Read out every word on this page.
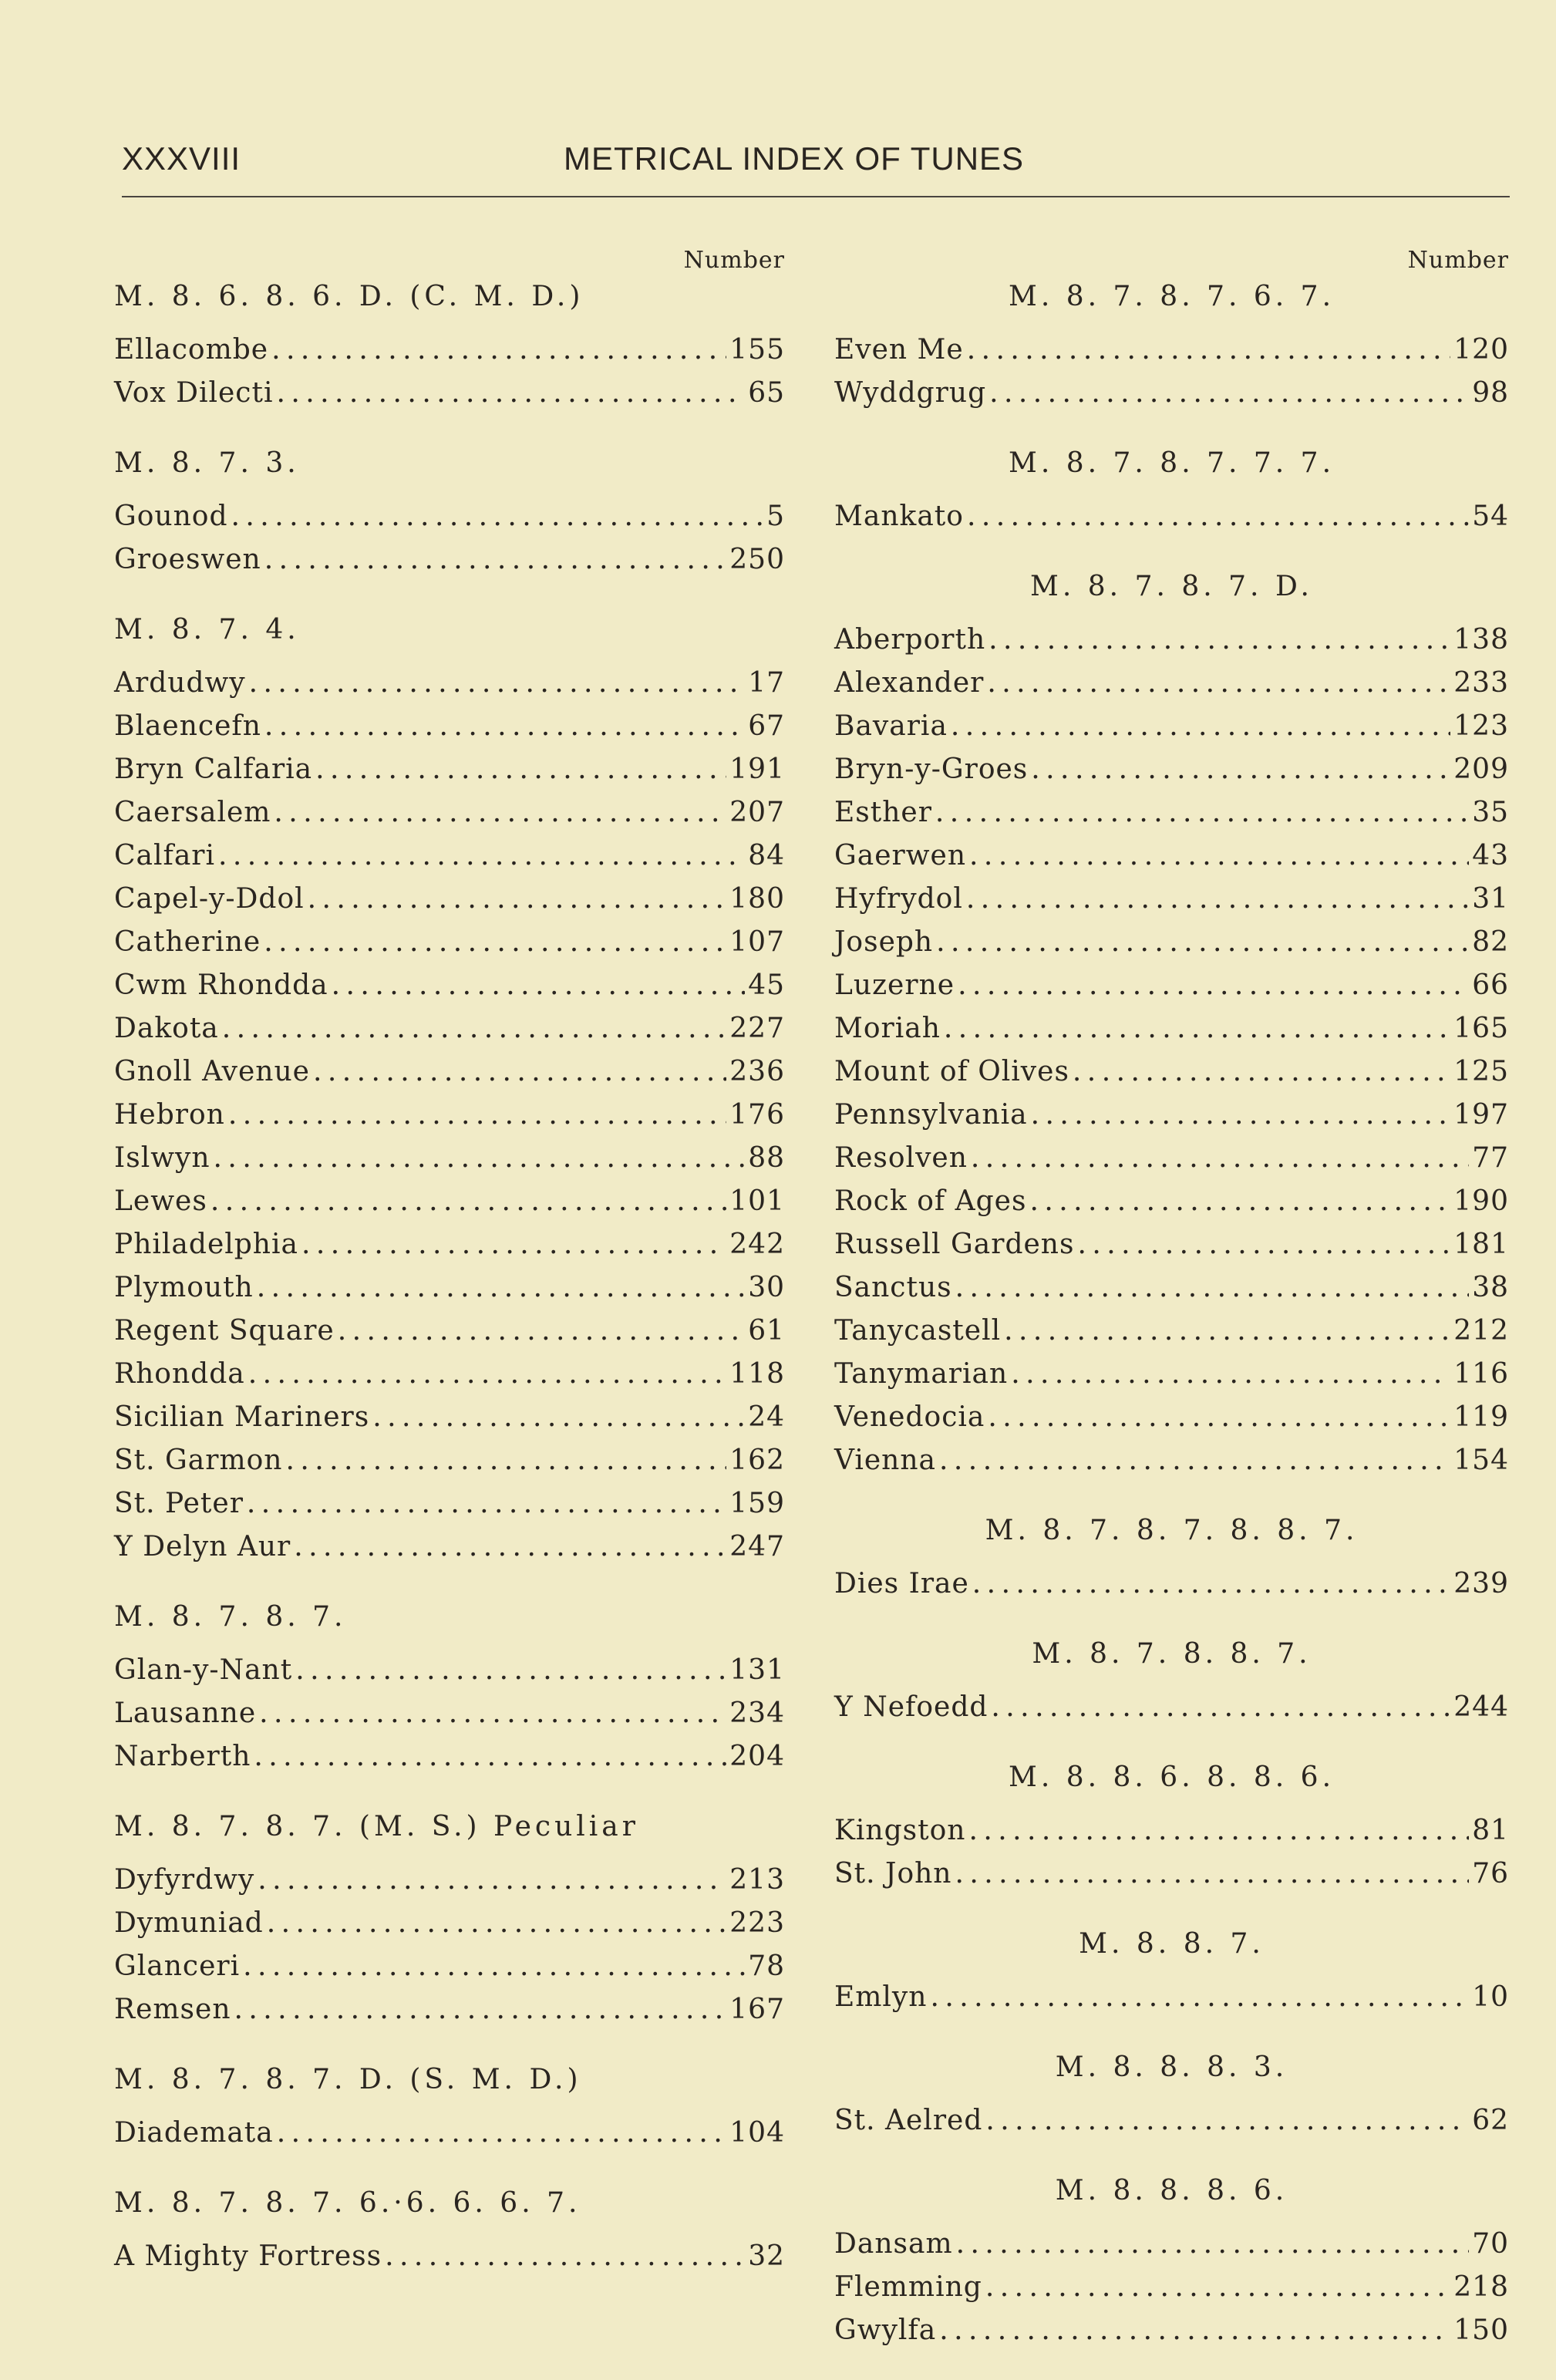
XXXVIII	METRICAL INDEX OF TUNES
Number
M. 8. 6. 8. 6. D. (C. M. D.)
Ellacombe . . .	155
Vox Dilecti . . .	65
M. 8. 7. 3.
Gounod . . .	5
Groeswen . . .	250
M. 8. 7. 4.
Ardudwy . . .	17
Blaencefn . . .	67
Bryn Calfaria . . .	191
Caersalem . . .	207
Calfari . . .	84
Capel-y-Ddol . . .	180
Catherine . . .	107
Cwm Rhondda . . .	45
Dakota . . .	227
Gnoll Avenue . . .	236
Hebron . . .	176
Islwyn . . .	88
Lewes . . .	101
Philadelphia . . .	242
Plymouth . . .	30
Regent Square . . .	61
Rhondda . . .	118
Sicilian Mariners . . .	24
St. Garmon . . .	162
St. Peter . . .	159
Y Delyn Aur . . .	247
M. 8. 7. 8. 7.
Glan-y-Nant . . .	131
Lausanne . . .	234
Narberth . . .	204
M. 8. 7. 8. 7. (M. S.) Peculiar
Dyfyrdwy . . .	213
Dymuniad . . .	223
Glanceri . . .	78
Remsen . . .	167
M. 8. 7. 8. 7. D. (S. M. D.)
Diademata . . .	104
M. 8. 7. 8. 7. 6.·6. 6. 6. 7.
A Mighty Fortress . . .	32
Number
M. 8. 7. 8. 7. 6. 7.
Even Me . . .	120
Wyddgrug . . .	98
M. 8. 7. 8. 7. 7. 7.
Mankato . . .	54
M. 8. 7. 8. 7. D.
Aberporth . . .	138
Alexander . . .	233
Bavaria . . .	123
Bryn-y-Groes . . .	209
Esther . . .	35
Gaerwen . . .	43
Hyfrydol . . .	31
Joseph . . .	82
Luzerne . . .	66
Moriah . . .	165
Mount of Olives . . .	125
Pennsylvania . . .	197
Resolven . . .	77
Rock of Ages . . .	190
Russell Gardens . . .	181
Sanctus . . .	38
Tanycastell . . .	212
Tanymarian . . .	116
Venedocia . . .	119
Vienna . . .	154
M. 8. 7. 8. 7. 8. 8. 7.
Dies Irae . . .	239
M. 8. 7. 8. 8. 7.
Y Nefoedd . . .	244
M. 8. 8. 6. 8. 8. 6.
Kingston . . .	81
St. John . . .	76
M. 8. 8. 7.
Emlyn . . .	10
M. 8. 8. 8. 3.
St. Aelred . . .	62
M. 8. 8. 8. 6.
Dansam . . .	70
Flemming . . .	218
Gwylfa . . .	150
